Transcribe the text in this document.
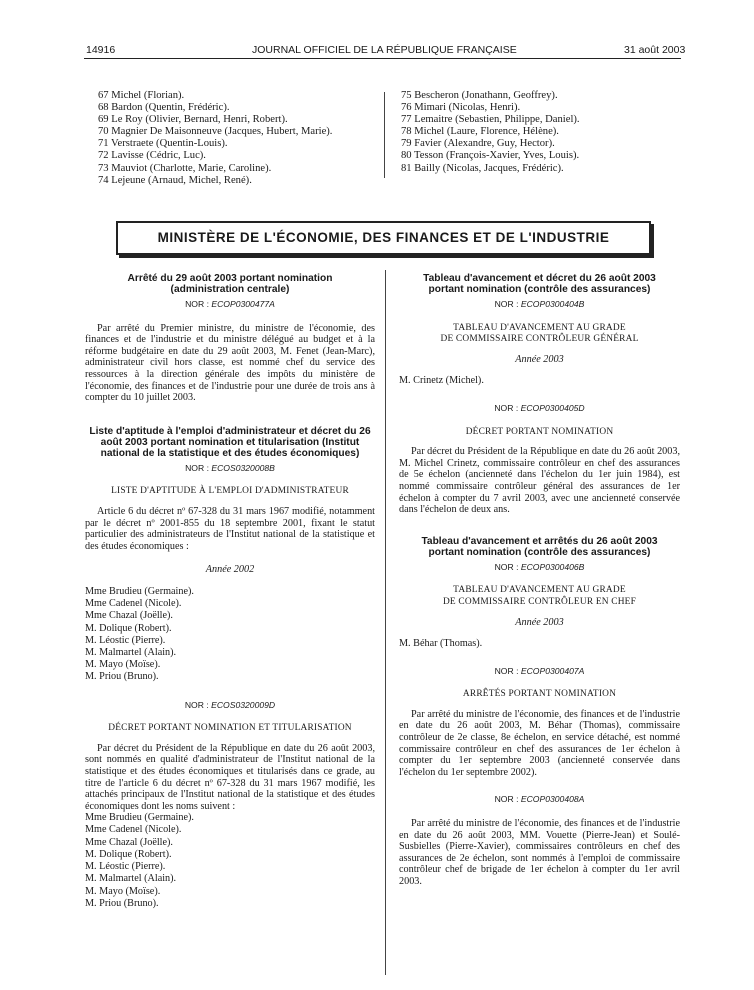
14916	JOURNAL OFFICIEL DE LA RÉPUBLIQUE FRANÇAISE	31 août 2003
67 Michel (Florian).
68 Bardon (Quentin, Frédéric).
69 Le Roy (Olivier, Bernard, Henri, Robert).
70 Magnier De Maisonneuve (Jacques, Hubert, Marie).
71 Verstraete (Quentin-Louis).
72 Lavisse (Cédric, Luc).
73 Mauviot (Charlotte, Marie, Caroline).
74 Lejeune (Arnaud, Michel, René).
75 Bescheron (Jonathann, Geoffrey).
76 Mimari (Nicolas, Henri).
77 Lemaitre (Sebastien, Philippe, Daniel).
78 Michel (Laure, Florence, Hélène).
79 Favier (Alexandre, Guy, Hector).
80 Tesson (François-Xavier, Yves, Louis).
81 Bailly (Nicolas, Jacques, Frédéric).
MINISTÈRE DE L'ÉCONOMIE, DES FINANCES ET DE L'INDUSTRIE
Arrêté du 29 août 2003 portant nomination (administration centrale)
NOR : ECOP0300477A

Par arrêté du Premier ministre, du ministre de l'économie, des finances et de l'industrie et du ministre délégué au budget et à la réforme budgétaire en date du 29 août 2003, M. Fenet (Jean-Marc), administrateur civil hors classe, est nommé chef du service des ressources à la direction générale des impôts du ministère de l'économie, des finances et de l'industrie pour une durée de trois ans à compter du 10 juillet 2003.

Liste d'aptitude à l'emploi d'administrateur et décret du 26 août 2003 portant nomination et titularisation (Institut national de la statistique et des études économiques)
NOR : ECOS0320008B
LISTE D'APTITUDE À L'EMPLOI D'ADMINISTRATEUR

Article 6 du décret nº 67-328 du 31 mars 1967 modifié, notamment par le décret nº 2001-855 du 18 septembre 2001, fixant le statut particulier des administrateurs de l'Institut national de la statistique et des études économiques :

Année 2002
Mme Brudieu (Germaine).
Mme Cadenel (Nicole).
Mme Chazal (Joëlle).
M. Dolique (Robert).
M. Léostic (Pierre).
M. Malmartel (Alain).
M. Mayo (Moïse).
M. Priou (Bruno).
NOR : ECOS0320009D
DÉCRET PORTANT NOMINATION ET TITULARISATION

Par décret du Président de la République en date du 26 août 2003, sont nommés en qualité d'administrateur de l'Institut national de la statistique et des études économiques et titularisés dans ce grade, au titre de l'article 6 du décret nº 67-328 du 31 mars 1967 modifié, les attachés principaux de l'Institut national de la statistique et des études économiques dont les noms suivent :

Mme Brudieu (Germaine).
Mme Cadenel (Nicole).
Mme Chazal (Joëlle).
M. Dolique (Robert).
M. Léostic (Pierre).
M. Malmartel (Alain).
M. Mayo (Moïse).
M. Priou (Bruno).
Tableau d'avancement et décret du 26 août 2003 portant nomination (contrôle des assurances)
NOR : ECOP0300404B
TABLEAU D'AVANCEMENT AU GRADE
DE COMMISSAIRE CONTRÔLEUR GÉNÉRAL
Année 2003
M. Crinetz (Michel).
NOR : ECOP0300405D
DÉCRET PORTANT NOMINATION

Par décret du Président de la République en date du 26 août 2003, M. Michel Crinetz, commissaire contrôleur en chef des assurances de 5e échelon (ancienneté dans l'échelon du 1er juin 1984), est nommé commissaire contrôleur général des assurances de 1er échelon à compter du 7 avril 2003, avec une ancienneté conservée dans l'échelon de deux ans.

Tableau d'avancement et arrêtés du 26 août 2003 portant nomination (contrôle des assurances)
NOR : ECOP0300406B
TABLEAU D'AVANCEMENT AU GRADE
DE COMMISSAIRE CONTRÔLEUR EN CHEF
Année 2003
M. Béhar (Thomas).
NOR : ECOP0300407A
ARRÊTÉS PORTANT NOMINATION

Par arrêté du ministre de l'économie, des finances et de l'industrie en date du 26 août 2003, M. Béhar (Thomas), commissaire contrôleur de 2e classe, 8e échelon, en service détaché, est nommé commissaire contrôleur en chef des assurances de 1er échelon à compter du 1er septembre 2003 (ancienneté conservée dans l'échelon du 1er septembre 2002).

NOR : ECOP0300408A

Par arrêté du ministre de l'économie, des finances et de l'industrie en date du 26 août 2003, MM. Vouette (Pierre-Jean) et Soulé-Susbielles (Pierre-Xavier), commissaires contrôleurs en chef des assurances de 2e échelon, sont nommés à l'emploi de commissaire contrôleur chef de brigade de 1er échelon à compter du 1er avril 2003.
